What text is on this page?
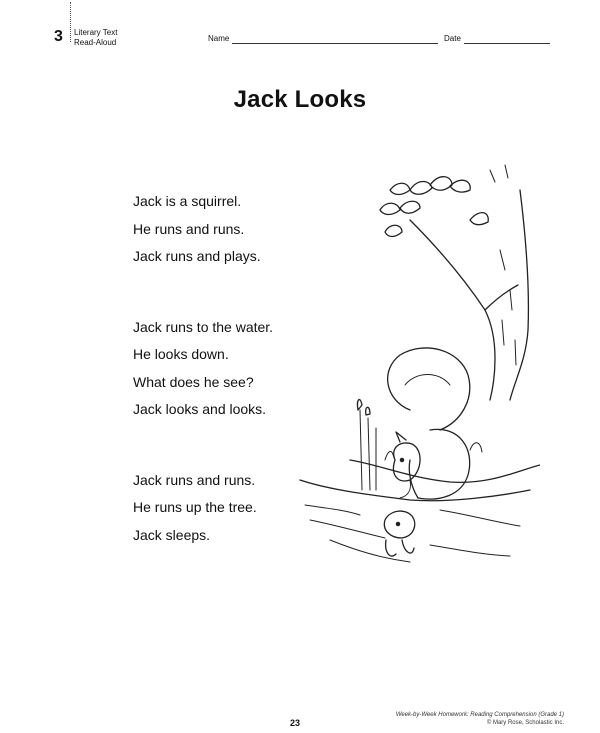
3 Literary Text
Read-Aloud	Name	Date
Jack Looks
Jack is a squirrel.
He runs and runs.
Jack runs and plays.
Jack runs to the water.
He looks down.
What does he see?
Jack looks and looks.
Jack runs and runs.
He runs up the tree.
Jack sleeps.
23
Week-by-Week Homework: Reading Comprehension (Grade 1)
© Mary Rose, Scholastic Inc.
